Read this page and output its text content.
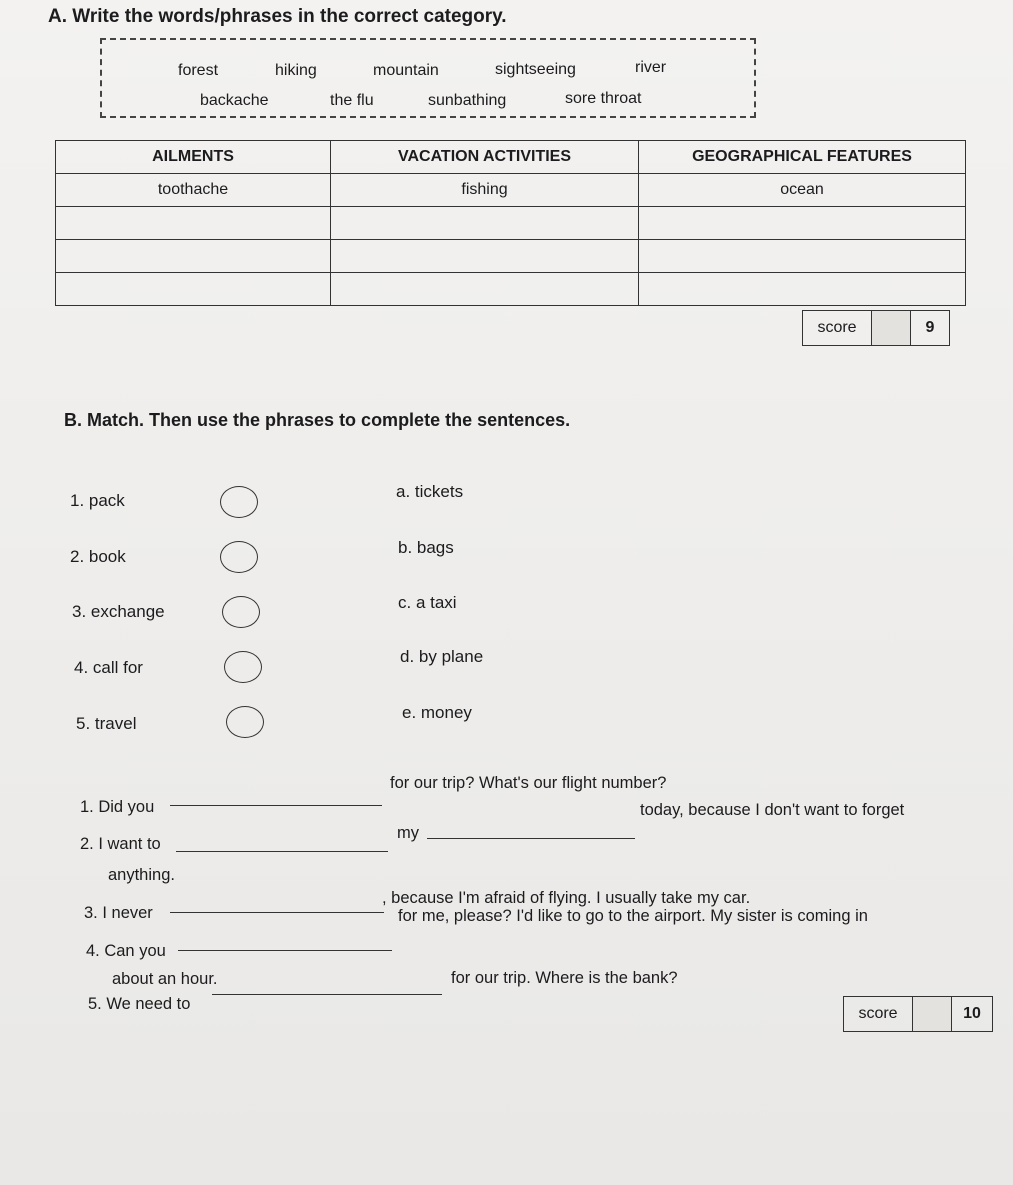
A. Write the words/phrases in the correct category.
forest	hiking	mountain	sightseeing	river
backache	the flu	sunbathing	sore throat
AILMENTS	VACATION ACTIVITIES	GEOGRAPHICAL FEATURES
toothache	fishing	ocean

score	9
B. Match. Then use the phrases to complete the sentences.
1. pack
2. book
3. exchange
4. call for
5. travel
a. tickets
b. bags
c. a taxi
d. by plane
e. money
1. Did you
for our trip? What's our flight number?
2. I want to
my
today, because I don't want to forget
anything.
3. I never
, because I'm afraid of flying. I usually take my car.
4. Can you
for me, please? I'd like to go to the airport. My sister is coming in
about an hour.
5. We need to
for our trip. Where is the bank?
score	10
